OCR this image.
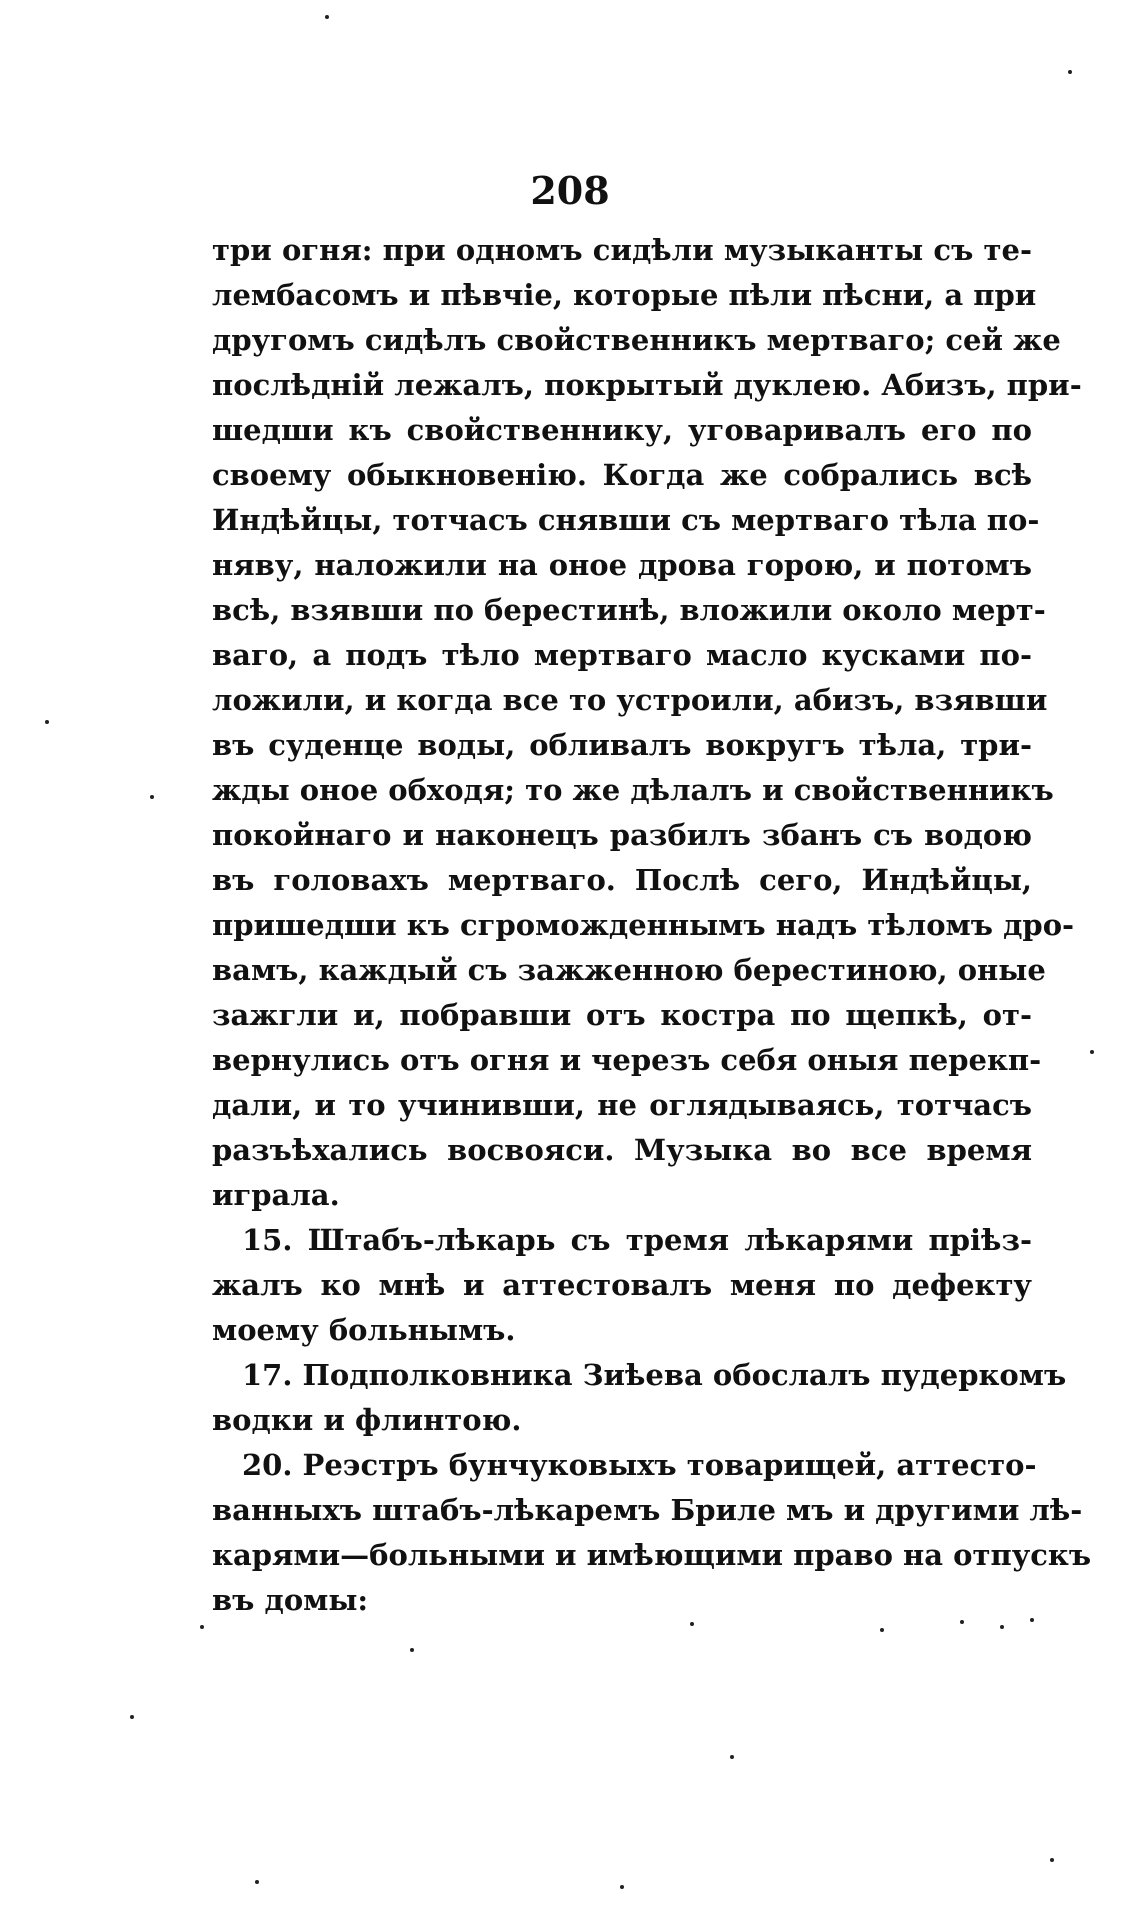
208
три огня: при одномъ сидѣли музыканты съ те-
лембасомъ и пѣвчіе, которые пѣли пѣсни, а при
другомъ сидѣлъ свойственникъ мертваго; сей же
послѣдній лежалъ, покрытый дуклею. Абизъ, при-
шедши къ свойственнику, уговаривалъ его по
своему обыкновенію. Когда же собрались всѣ
Индѣйцы, тотчасъ снявши съ мертваго тѣла по-
няву, наложили на оное дрова горою, и потомъ
всѣ, взявши по берестинѣ, вложили около мерт-
ваго, а подъ тѣло мертваго масло кусками по-
ложили, и когда все то устроили, абизъ, взявши
въ суденце воды, обливалъ вокругъ тѣла, три-
жды оное обходя; то же дѣлалъ и свойственникъ
покойнаго и наконецъ разбилъ збанъ съ водою
въ головахъ мертваго. Послѣ сего, Индѣйцы,
пришедши къ сгроможденнымъ надъ тѣломъ дро-
вамъ, каждый съ зажженною берестиною, оные
зажгли и, побравши отъ костра по щепкѣ, от-
вернулись отъ огня и черезъ себя оныя перекп-
дали, и то учинивши, не оглядываясь, тотчасъ
разъѣхались восвояси. Музыка во все время
играла.
15. Штабъ-лѣкарь съ тремя лѣкарями пріѣз-
жалъ ко мнѣ и аттестовалъ меня по дефекту
моему больнымъ.
17. Подполковника Зиѣева обослалъ пудеркомъ
водки и флинтою.
20. Реэстръ бунчуковыхъ товарищей, аттесто-
ванныхъ штабъ-лѣкаремъ Бриле мъ и другими лѣ-
карями—больными и имѣющими право на отпускъ
въ домы:
